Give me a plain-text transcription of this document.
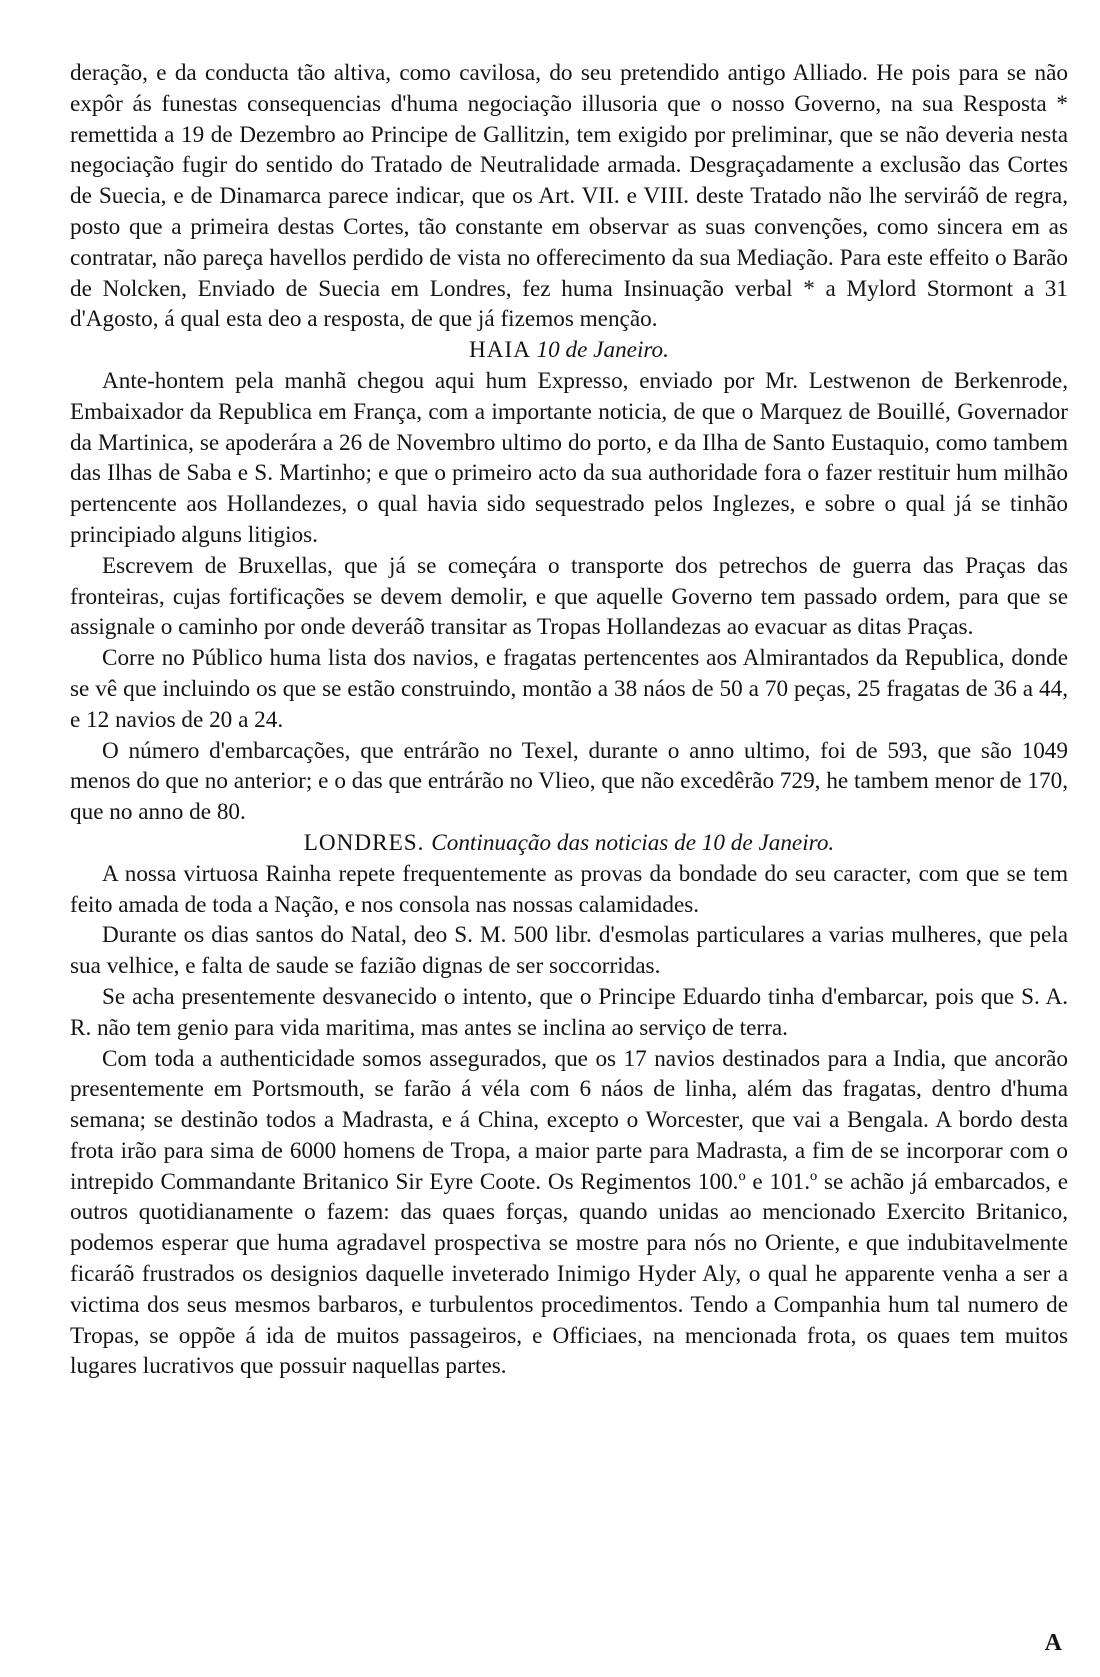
deração, e da conducta tão altiva, como cavilosa, do seu pretendido antigo Alliado. He pois para se não expôr ás funestas consequencias d'huma negociação illusoria que o nosso Governo, na sua Resposta * remettida a 19 de Dezembro ao Principe de Gallitzin, tem exigido por preliminar, que se não deveria nesta negociação fugir do sentido do Tratado de Neutralidade armada. Desgraçadamente a exclusão das Cortes de Suecia, e de Dinamarca parece indicar, que os Art. VII. e VIII. deste Tratado não lhe serviráõ de regra, posto que a primeira destas Cortes, tão constante em observar as suas convenções, como sincera em as contratar, não pareça havellos perdido de vista no offerecimento da sua Mediação. Para este effeito o Barão de Nolcken, Enviado de Suecia em Londres, fez huma Insinuação verbal * a Mylord Stormont a 31 d'Agosto, á qual esta deo a resposta, de que já fizemos menção.

HAIA 10 de Janeiro.

Ante-hontem pela manhã chegou aqui hum Expresso, enviado por Mr. Lestwenon de Berkenrode, Embaixador da Republica em França, com a importante noticia, de que o Marquez de Bouillé, Governador da Martinica, se apoderára a 26 de Novembro ultimo do porto, e da Ilha de Santo Eustaquio, como tambem das Ilhas de Saba e S. Martinho; e que o primeiro acto da sua authoridade fora o fazer restituir hum milhão pertencente aos Hollandezes, o qual havia sido sequestrado pelos Inglezes, e sobre o qual já se tinhão principiado alguns litigios.

Escrevem de Bruxellas, que já se começára o transporte dos petrechos de guerra das Praças das fronteiras, cujas fortificações se devem demolir, e que aquelle Governo tem passado ordem, para que se assignale o caminho por onde deveráõ transitar as Tropas Hollandezas ao evacuar as ditas Praças.

Corre no Público huma lista dos navios, e fragatas pertencentes aos Almirantados da Republica, donde se vê que incluindo os que se estão construindo, montão a 38 náos de 50 a 70 peças, 25 fragatas de 36 a 44, e 12 navios de 20 a 24.

O número d'embarcações, que entrárão no Texel, durante o anno ultimo, foi de 593, que são 1049 menos do que no anterior; e o das que entrárão no Vlieo, que não excedêrão 729, he tambem menor de 170, que no anno de 80.

LONDRES. Continuação das noticias de 10 de Janeiro.

A nossa virtuosa Rainha repete frequentemente as provas da bondade do seu caracter, com que se tem feito amada de toda a Nação, e nos consola nas nossas calamidades.

Durante os dias santos do Natal, deo S. M. 500 libr. d'esmolas particulares a varias mulheres, que pela sua velhice, e falta de saude se fazião dignas de ser soccorridas.

Se acha presentemente desvanecido o intento, que o Principe Eduardo tinha d'embarcar, pois que S. A. R. não tem genio para vida maritima, mas antes se inclina ao serviço de terra.

Com toda a authenticidade somos assegurados, que os 17 navios destinados para a India, que ancorão presentemente em Portsmouth, se farão á véla com 6 náos de linha, além das fragatas, dentro d'huma semana; se destinão todos a Madrasta, e á China, excepto o Worcester, que vai a Bengala. A bordo desta frota irão para sima de 6000 homens de Tropa, a maior parte para Madrasta, a fim de se incorporar com o intrepido Commandante Britanico Sir Eyre Coote. Os Regimentos 100.º e 101.º se achão já embarcados, e outros quotidianamente o fazem: das quaes forças, quando unidas ao mencionado Exercito Britanico, podemos esperar que huma agradavel prospectiva se mostre para nós no Oriente, e que indubitavelmente ficaráõ frustrados os designios daquelle inveterado Inimigo Hyder Aly, o qual he apparente venha a ser a victima dos seus mesmos barbaros, e turbulentos procedimentos. Tendo a Companhia hum tal numero de Tropas, se oppõe á ida de muitos passageiros, e Officiaes, na mencionada frota, os quaes tem muitos lugares lucrativos que possuir naquellas partes.

A
